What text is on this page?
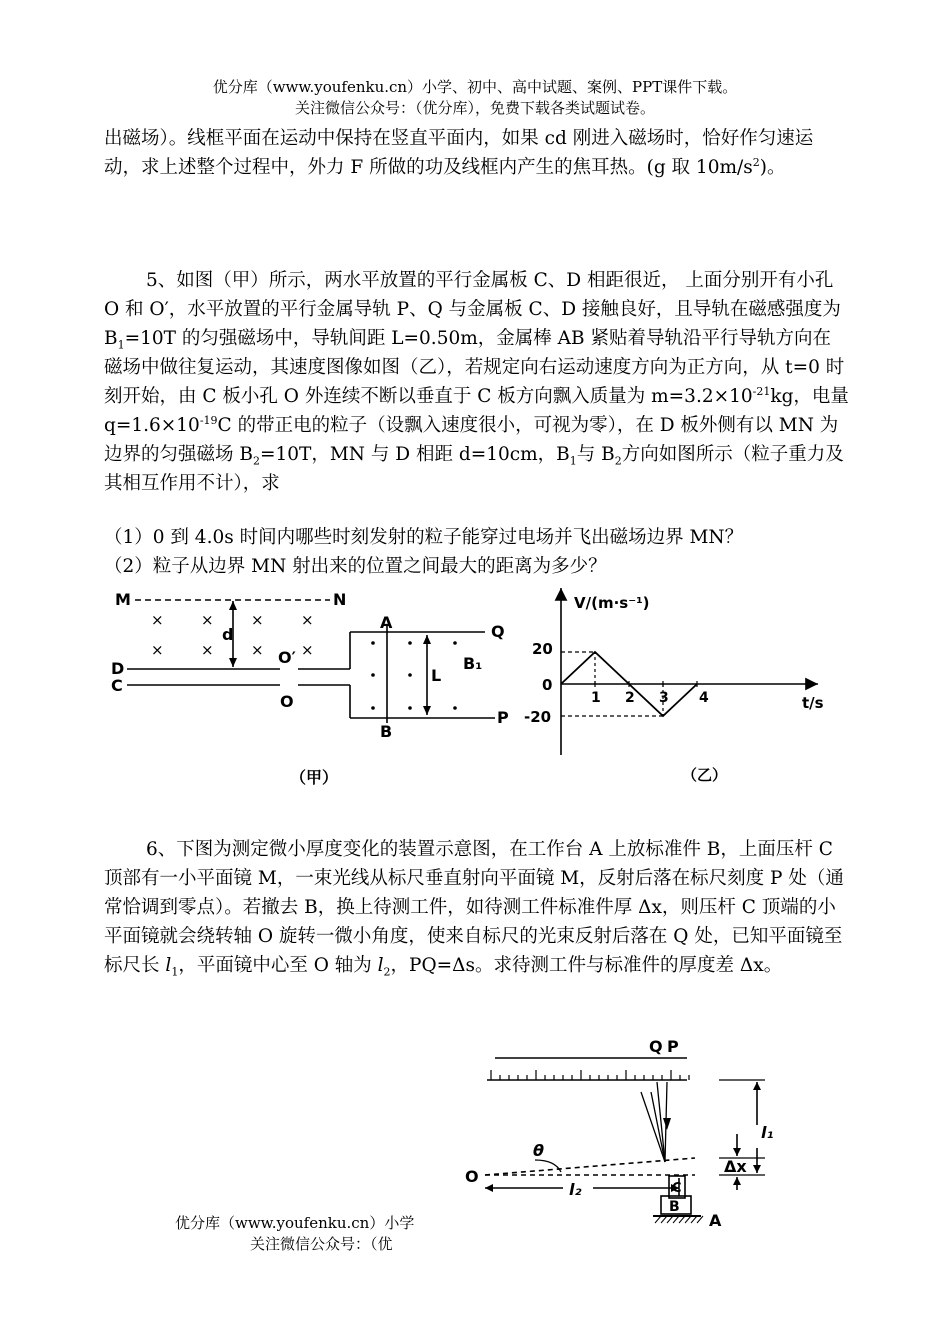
优分库（www.youfenku.cn）小学、初中、高中试题、案例、PPT课件下载。
关注微信公众号：（优分库），免费下载各类试题试卷。

出磁场）。线框平面在运动中保持在竖直平面内，如果 cd 刚进入磁场时，恰好作匀速运动，求上述整个过程中，外力 F 所做的功及线框内产生的焦耳热。(g 取 $10m/s^2$)。

5、如图（甲）所示，两水平放置的平行金属板 C、D 相距很近， 上面分别开有小孔 O 和 O′，水平放置的平行金属导轨 P、Q 与金属板 C、D 接触良好，且导轨在磁感强度为 $B_1=10T$ 的匀强磁场中，导轨间距 L=0.50m，金属棒 AB 紧贴着导轨沿平行导轨方向在磁场中做往复运动，其速度图像如图（乙），若规定向右运动速度方向为正方向，从 t=0 时刻开始，由 C 板小孔 O 外连续不断以垂直于 C 板方向飘入质量为 $m=3.2\times 10^{-21}kg$，电量 $q=1.6\times 10^{-19}C$ 的带正电的粒子（设飘入速度很小，可视为零），在 D 板外侧有以 MN 为边界的匀强磁场 $B_2=10T$，MN 与 D 相距 d=10cm，$B_1$与 $B_2$方向如图所示（粒子重力及其相互作用不计），求

（1）0 到 4.0s 时间内哪些时刻发射的粒子能穿过电场并飞出磁场边界 MN？
（2）粒子从边界 MN 射出来的位置之间最大的距离为多少？
× × × ×
× × × ×
M	N
D
C
d
O′
O
A
B
Q
P
L
B₁
（甲）
V/(m·s⁻¹)
t/s
20
0
-20
（乙）
1 2 3 4

6、下图为测定微小厚度变化的装置示意图，在工作台 A 上放标准件 B，上面压杆 C 顶部有一小平面镜 M，一束光线从标尺垂直射向平面镜 M，反射后落在标尺刻度 P 处（通常恰调到零点）。若撤去 B，换上待测工件，如待测工件标准件厚 Δx，则压杆 C 顶端的小平面镜就会绕转轴 O 旋转一微小角度，使来自标尺的光束反射后落在 Q 处，已知平面镜至标尺长 $l_1$，平面镜中心至 O 轴为 $l_2$，PQ=Δs。求待测工件与标准件的厚度差 Δx。

Q P
θ
O
l₁
l₂
Δx
C
B
A
优分库（www.youfenku.cn）小学
关注微信公众号：（优
